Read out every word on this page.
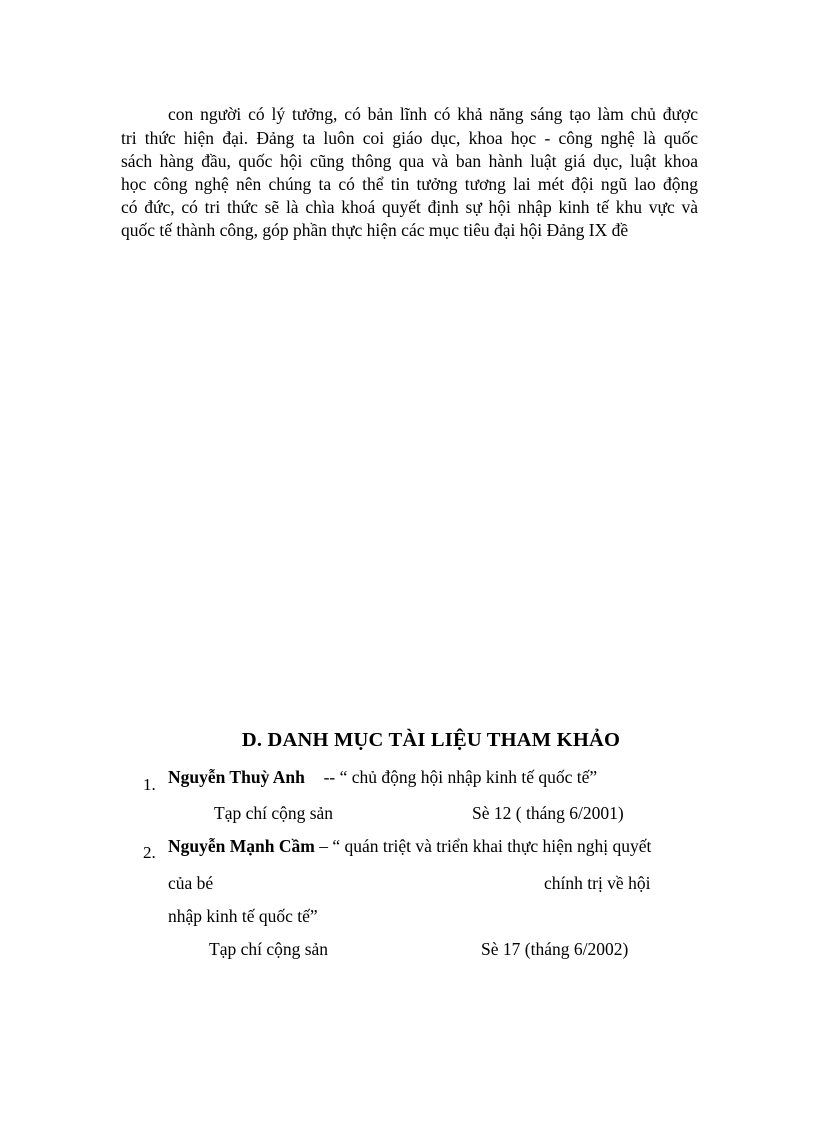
con người có lý tưởng, có bản lĩnh có khả năng sáng tạo làm chủ được
tri thức hiện đại. Đảng ta luôn coi giáo dục, khoa học - công nghệ là quốc
sách hàng đầu, quốc hội cũng thông qua và ban hành luật giá dục, luật khoa
học công nghệ nên chúng ta có thể tin tưởng tương lai mét đội ngũ lao động
có đức, có tri thức sẽ là chìa khoá quyết định sự hội nhập kinh tế khu vực và
quốc tế thành công, góp phần thực hiện các mục tiêu đại hội Đảng IX đề
D. DANH MỤC TÀI LIỆU THAM KHẢO
1. Nguyễn Thuỳ Anh -- “ chủ động hội nhập kinh tế quốc tế”
Tạp chí cộng sản	Sè 12 ( tháng 6/2001)
2. Nguyễn Mạnh Cầm – “ quán triệt và triển khai thực hiện nghị quyết
của bé	chính trị về hội
nhập kinh tế quốc tế”
Tạp chí cộng sản	Sè 17 (tháng 6/2002)
